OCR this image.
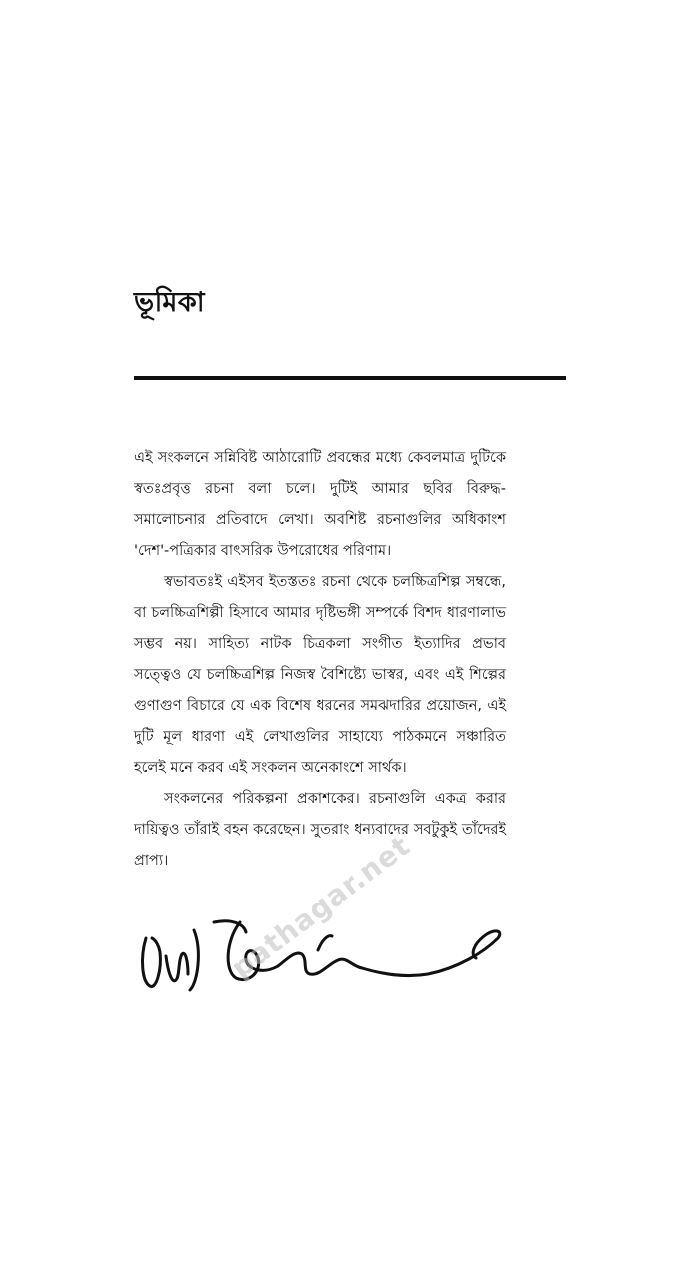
ভূমিকা

এই সংকলনে সন্নিবিষ্ট আঠারোটি প্রবন্ধের মধ্যে কেবলমাত্র দুটিকে স্বতঃপ্রবৃত্ত রচনা বলা চলে। দুটিই আমার ছবির বিরুদ্ধ-সমালোচনার প্রতিবাদে লেখা। অবশিষ্ট রচনাগুলির অধিকাংশ 'দেশ'-পত্রিকার বাৎসরিক উপরোধের পরিণাম।

স্বভাবতঃই এইসব ইতস্ততঃ রচনা থেকে চলচ্চিত্রশিল্প সম্বন্ধে, বা চলচ্চিত্রশিল্পী হিসাবে আমার দৃষ্টিভঙ্গী সম্পর্কে বিশদ ধারণালাভ সম্ভব নয়। সাহিত্য নাটক চিত্রকলা সংগীত ইত্যাদির প্রভাব সত্ত্বেও যে চলচ্চিত্রশিল্প নিজস্ব বৈশিষ্ট্যে ভাস্বর, এবং এই শিল্পের গুণাগুণ বিচারে যে এক বিশেষ ধরনের সমঝদারির প্রয়োজন, এই দুটি মূল ধারণা এই লেখাগুলির সাহায্যে পাঠকমনে সঞ্চারিত হলেই মনে করব এই সংকলন অনেকাংশে সার্থক।

সংকলনের পরিকল্পনা প্রকাশকের। রচনাগুলি একত্র করার দায়িত্বও তাঁরাই বহন করেছেন। সুতরাং ধন্যবাদের সবটুকুই তাঁদেরই প্রাপ্য।	pathagar.net
